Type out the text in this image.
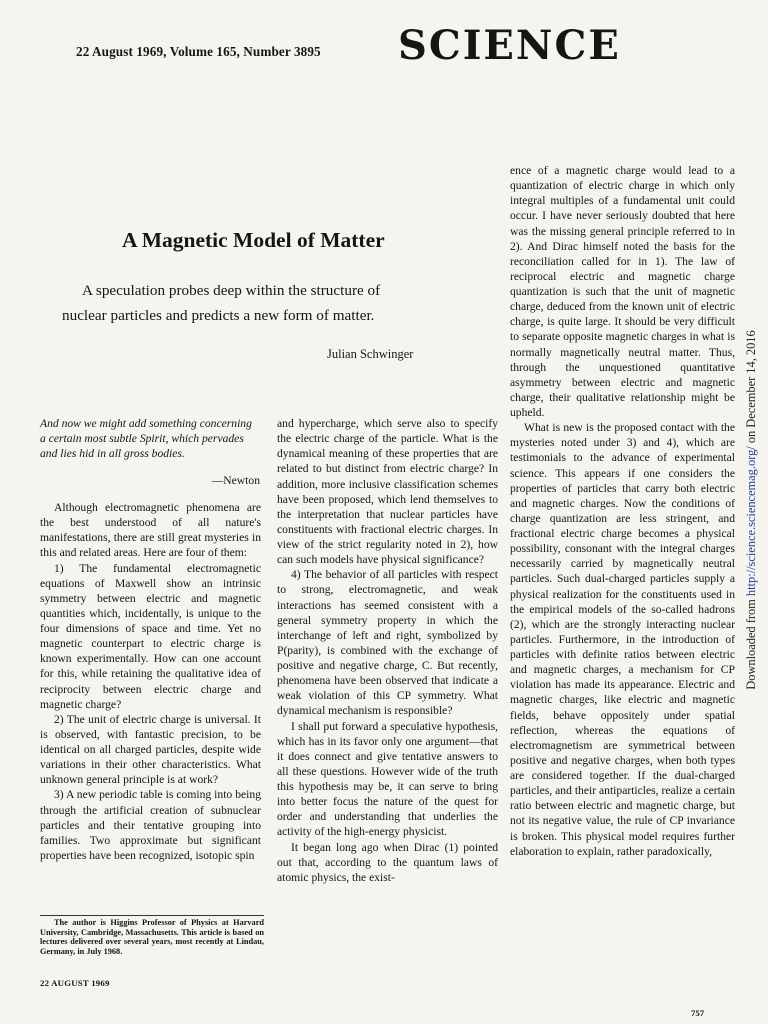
22 August 1969, Volume 165, Number 3895 SCIENCE
A Magnetic Model of Matter
A speculation probes deep within the structure of
nuclear particles and predicts a new form of matter.
Julian Schwinger
And now we might add something concerning a certain most subtle Spirit, which pervades and lies hid in all gross bodies.
—Newton

Although electromagnetic phenomena are the best understood of all nature's manifestations, there are still great mysteries in this and related areas. Here are four of them:

1) The fundamental electromagnetic equations of Maxwell show an intrinsic symmetry between electric and magnetic quantities which, incidentally, is unique to the four dimensions of space and time. Yet no magnetic counterpart to electric charge is known experimentally. How can one account for this, while retaining the qualitative idea of reciprocity between electric charge and magnetic charge?

2) The unit of electric charge is universal. It is observed, with fantastic precision, to be identical on all charged particles, despite wide variations in their other characteristics. What unknown general principle is at work?

3) A new periodic table is coming into being through the artificial creation of subnuclear particles and their tentative grouping into families. Two approximate but significant properties have been recognized, isotopic spin

and hypercharge, which serve also to specify the electric charge of the particle. What is the dynamical meaning of these properties that are related to but distinct from electric charge? In addition, more inclusive classification schemes have been proposed, which lend themselves to the interpretation that nuclear particles have constituents with fractional electric charges. In view of the strict regularity noted in 2), how can such models have physical significance?

4) The behavior of all particles with respect to strong, electromagnetic, and weak interactions has seemed consistent with a general symmetry property in which the interchange of left and right, symbolized by P(parity), is combined with the exchange of positive and negative charge, C. But recently, phenomena have been observed that indicate a weak violation of this CP symmetry. What dynamical mechanism is responsible?

I shall put forward a speculative hypothesis, which has in its favor only one argument—that it does connect and give tentative answers to all these questions. However wide of the truth this hypothesis may be, it can serve to bring into better focus the nature of the quest for order and understanding that underlies the activity of the high-energy physicist.

It began long ago when Dirac (1) pointed out that, according to the quantum laws of atomic physics, the exist-

ence of a magnetic charge would lead to a quantization of electric charge in which only integral multiples of a fundamental unit could occur. I have never seriously doubted that here was the missing general principle referred to in 2). And Dirac himself noted the basis for the reconciliation called for in 1). The law of reciprocal electric and magnetic charge quantization is such that the unit of magnetic charge, deduced from the known unit of electric charge, is quite large. It should be very difficult to separate opposite magnetic charges in what is normally magnetically neutral matter. Thus, through the unquestioned quantitative asymmetry between electric and magnetic charge, their qualitative relationship might be upheld.

What is new is the proposed contact with the mysteries noted under 3) and 4), which are testimonials to the advance of experimental science. This appears if one considers the properties of particles that carry both electric and magnetic charges. Now the conditions of charge quantization are less stringent, and fractional electric charge becomes a physical possibility, consonant with the integral charges necessarily carried by magnetically neutral particles. Such dual-charged particles supply a physical realization for the constituents used in the empirical models of the so-called hadrons (2), which are the strongly interacting nuclear particles. Furthermore, in the introduction of particles with definite ratios between electric and magnetic charges, a mechanism for CP violation has made its appearance. Electric and magnetic charges, like electric and magnetic fields, behave oppositely under spatial reflection, whereas the equations of electromagnetism are symmetrical between positive and negative charges, when both types are considered together. If the dual-charged particles, and their antiparticles, realize a certain ratio between electric and magnetic charge, but not its negative value, the rule of CP invariance is broken. This physical model requires further elaboration to explain, rather paradoxically,

The author is Higgins Professor of Physics at Harvard University, Cambridge, Massachusetts. This article is based on lectures delivered over several years, most recently at Lindau, Germany, in July 1968.
22 AUGUST 1969
757
Downloaded from http://science.sciencemag.org/ on December 14, 2016
